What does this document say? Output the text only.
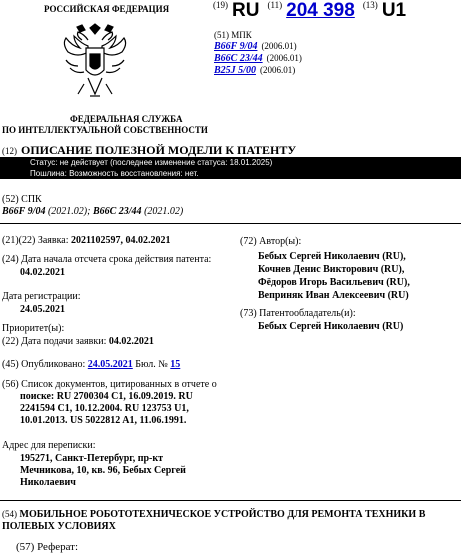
РОССИЙСКАЯ ФЕДЕРАЦИЯ
ФЕДЕРАЛЬНАЯ СЛУЖБА
ПО ИНТЕЛЛЕКТУАЛЬНОЙ СОБСТВЕННОСТИ
$^{(19)}$ RU $^{(11)}$ 204 398 $^{(13)}$ U1
(51) МПК
B66F 9/04 (2006.01)
B66C 23/44 (2006.01)
B25J 5/00 (2006.01)
(12) ОПИСАНИЕ ПОЛЕЗНОЙ МОДЕЛИ К ПАТЕНТУ
Статус: не действует (последнее изменение статуса: 18.01.2025)
Пошлина: Возможность восстановления: нет.
(52) СПК
B66F 9/04 (2021.02); B66C 23/44 (2021.02)
(21)(22) Заявка: 2021102597, 04.02.2021
(24) Дата начала отсчета срока действия патента:
04.02.2021
Дата регистрации:
24.05.2021
Приоритет(ы):
(22) Дата подачи заявки: 04.02.2021
(45) Опубликовано: 24.05.2021 Бюл. № 15
(56) Список документов, цитированных в отчете о
поиске: RU 2700304 C1, 16.09.2019. RU
2241594 C1, 10.12.2004. RU 123753 U1,
10.01.2013. US 5022812 A1, 11.06.1991.
Адрес для переписки:
195271, Санкт-Петербург, пр-кт
Мечникова, 10, кв. 96, Бебых Сергей
Николаевич
(72) Автор(ы):
Бебых Сергей Николаевич (RU),
Кочнев Денис Викторович (RU),
Фёдоров Игорь Васильевич (RU),
Веприняк Иван Алексеевич (RU)
(73) Патентообладатель(и):
Бебых Сергей Николаевич (RU)
(54) МОБИЛЬНОЕ РОБОТОТЕХНИЧЕСКОЕ УСТРОЙСТВО ДЛЯ РЕМОНТА ТЕХНИКИ В
ПОЛЕВЫХ УСЛОВИЯХ
(57) Реферат:
